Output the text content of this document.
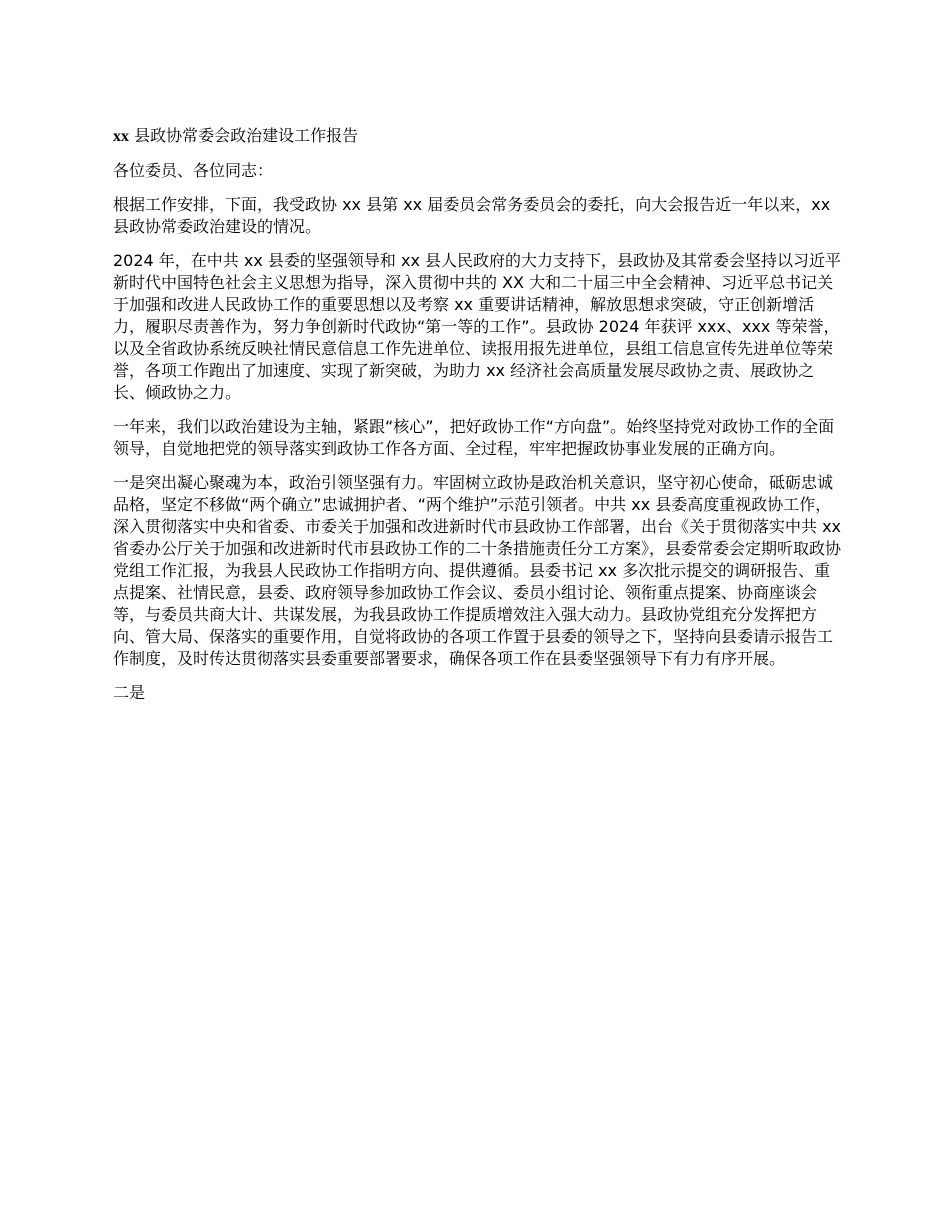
xx 县政协常委会政治建设工作报告

各位委员、各位同志：

根据工作安排，下面，我受政协 xx 县第 xx 届委员会常务委员会的委托，向大会报告近一年以来，xx 县政协常委政治建设的情况。

2024 年，在中共 xx 县委的坚强领导和 xx 县人民政府的大力支持下，县政协及其常委会坚持以习近平新时代中国特色社会主义思想为指导，深入贯彻中共的 XX 大和二十届三中全会精神、习近平总书记关于加强和改进人民政协工作的重要思想以及考察 xx 重要讲话精神，解放思想求突破，守正创新增活力，履职尽责善作为，努力争创新时代政协“第一等的工作”。县政协 2024 年获评 xxx、xxx 等荣誉，以及全省政协系统反映社情民意信息工作先进单位、读报用报先进单位，县组工信息宣传先进单位等荣誉，各项工作跑出了加速度、实现了新突破，为助力 xx 经济社会高质量发展尽政协之责、展政协之长、倾政协之力。

一年来，我们以政治建设为主轴，紧跟“核心”，把好政协工作“方向盘”。始终坚持党对政协工作的全面领导，自觉地把党的领导落实到政协工作各方面、全过程，牢牢把握政协事业发展的正确方向。

一是突出凝心聚魂为本，政治引领坚强有力。牢固树立政协是政治机关意识，坚守初心使命，砥砺忠诚品格，坚定不移做“两个确立”忠诚拥护者、“两个维护”示范引领者。中共 xx 县委高度重视政协工作，深入贯彻落实中央和省委、市委关于加强和改进新时代市县政协工作部署，出台《关于贯彻落实中共 xx 省委办公厅关于加强和改进新时代市县政协工作的二十条措施责任分工方案》，县委常委会定期听取政协党组工作汇报，为我县人民政协工作指明方向、提供遵循。县委书记 xx 多次批示提交的调研报告、重点提案、社情民意，县委、政府领导参加政协工作会议、委员小组讨论、领衔重点提案、协商座谈会等，与委员共商大计、共谋发展，为我县政协工作提质增效注入强大动力。县政协党组充分发挥把方向、管大局、保落实的重要作用，自觉将政协的各项工作置于县委的领导之下，坚持向县委请示报告工作制度，及时传达贯彻落实县委重要部署要求，确保各项工作在县委坚强领导下有力有序开展。

二是
